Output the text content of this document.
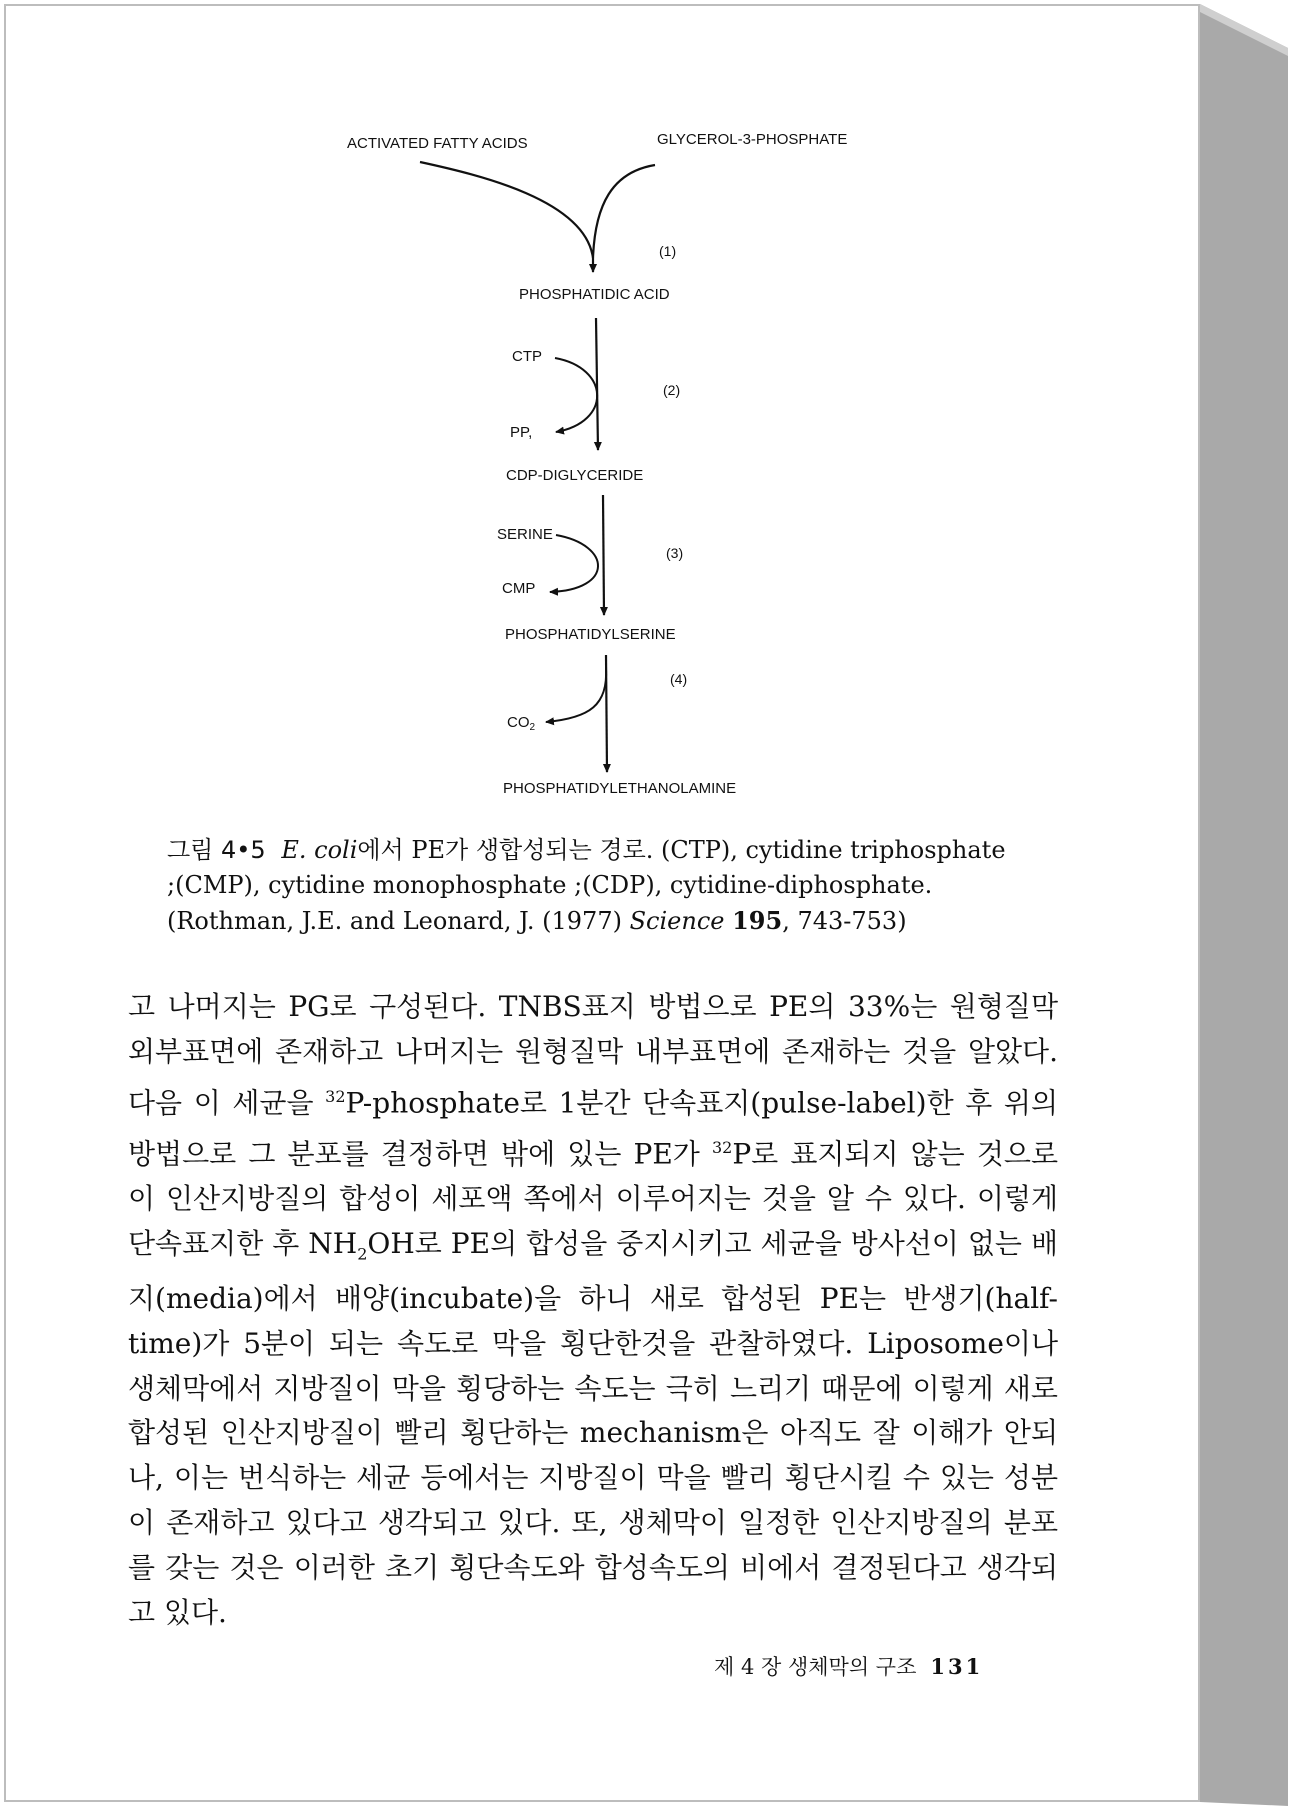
ACTIVATED FATTY ACIDS	GLYCEROL-3-PHOSPHATE
(1)
PHOSPHATIDIC ACID
CTP
PP,
(2)
CDP-DIGLYCERIDE
SERINE
CMP
(3)
PHOSPHATIDYLSERINE
$CO_2$
(4)
PHOSPHATIDYLETHANOLAMINE
그림 4•5 E. coli에서 PE가 생합성되는 경로. (CTP), cytidine triphosphate ;(CMP), cytidine monophosphate ;(CDP), cytidine-diphosphate. (Rothman, J.E. and Leonard, J. (1977) Science 195, 743-753)

고 나머지는 PG로 구성된다. TNBS표지 방법으로 PE의 33%는 원형질막 외부표면에 존재하고 나머지는 원형질막 내부표면에 존재하는 것을 알았다. 다음 이 세균을 $^{32}$P-phosphate로 1분간 단속표지(pulse-label)한 후 위의 방법으로 그 분포를 결정하면 밖에 있는 PE가 $^{32}$P로 표지되지 않는 것으로 이 인산지방질의 합성이 세포액 쪽에서 이루어지는 것을 알 수 있다. 이렇게 단속표지한 후 $NH_2OH$로 PE의 합성을 중지시키고 세균을 방사선이 없는 배지(media)에서 배양(incubate)을 하니 새로 합성된 PE는 반생기(half-time)가 5분이 되는 속도로 막을 횡단한것을 관찰하였다. Liposome이나 생체막에서 지방질이 막을 횡당하는 속도는 극히 느리기 때문에 이렇게 새로 합성된 인산지방질이 빨리 횡단하는 mechanism은 아직도 잘 이해가 안되나, 이는 번식하는 세균 등에서는 지방질이 막을 빨리 횡단시킬 수 있는 성분이 존재하고 있다고 생각되고 있다. 또, 생체막이 일정한 인산지방질의 분포를 갖는 것은 이러한 초기 횡단속도와 합성속도의 비에서 결정된다고 생각되고 있다.

제 4 장 생체막의 구조 131
